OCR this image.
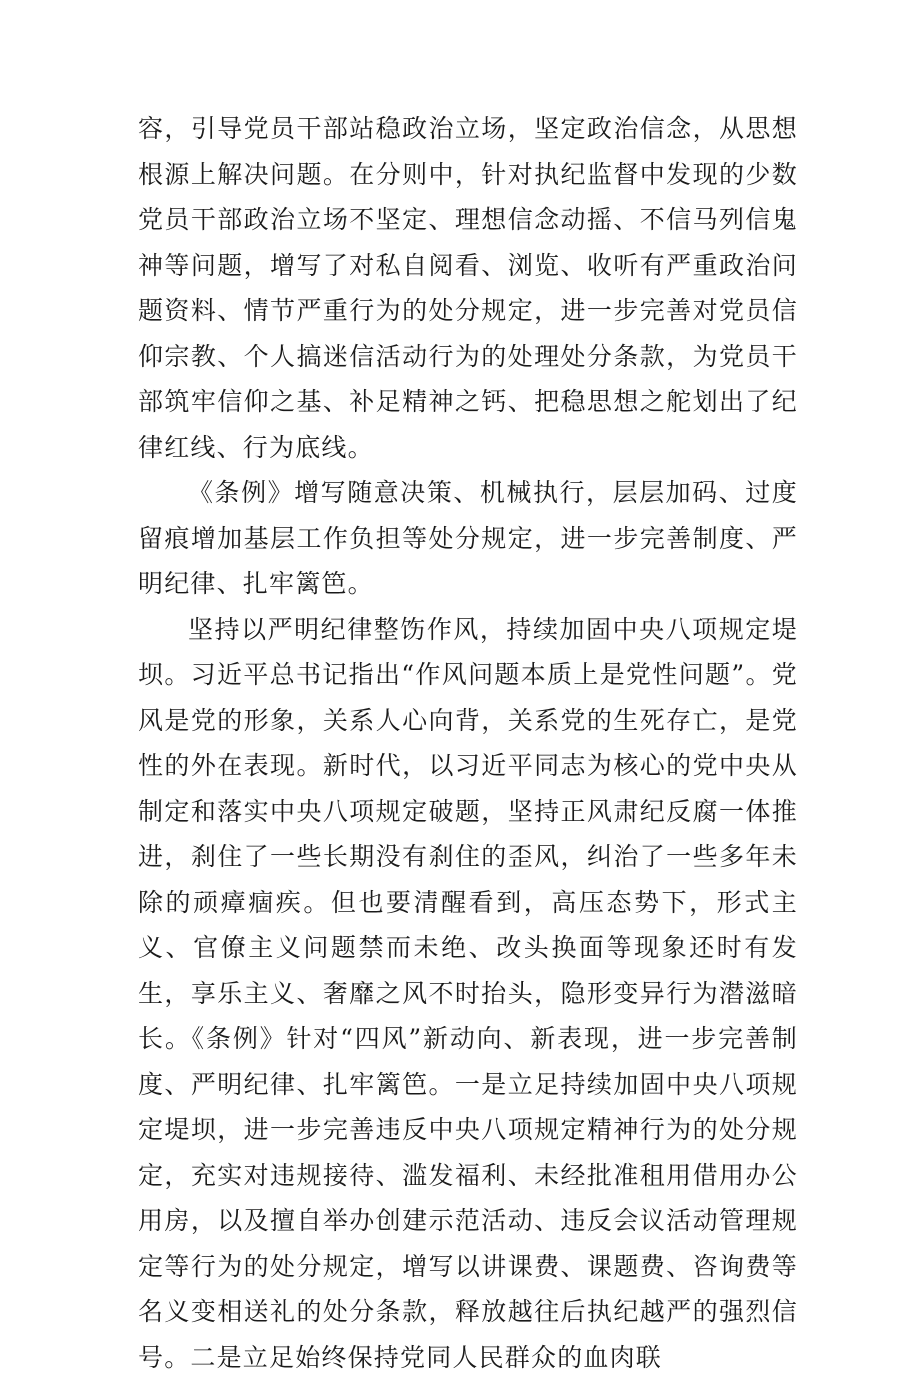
容，引导党员干部站稳政治立场，坚定政治信念，从思想根源上解决问题。在分则中，针对执纪监督中发现的少数党员干部政治立场不坚定、理想信念动摇、不信马列信鬼神等问题，增写了对私自阅看、浏览、收听有严重政治问题资料、情节严重行为的处分规定，进一步完善对党员信仰宗教、个人搞迷信活动行为的处理处分条款，为党员干部筑牢信仰之基、补足精神之钙、把稳思想之舵划出了纪律红线、行为底线。

《条例》增写随意决策、机械执行，层层加码、过度留痕增加基层工作负担等处分规定，进一步完善制度、严明纪律、扎牢篱笆。

坚持以严明纪律整饬作风，持续加固中央八项规定堤坝。习近平总书记指出“作风问题本质上是党性问题”。党风是党的形象，关系人心向背，关系党的生死存亡，是党性的外在表现。新时代，以习近平同志为核心的党中央从制定和落实中央八项规定破题，坚持正风肃纪反腐一体推进，刹住了一些长期没有刹住的歪风，纠治了一些多年未除的顽瘴痼疾。但也要清醒看到，高压态势下，形式主义、官僚主义问题禁而未绝、改头换面等现象还时有发生，享乐主义、奢靡之风不时抬头，隐形变异行为潜滋暗长。《条例》针对“四风”新动向、新表现，进一步完善制度、严明纪律、扎牢篱笆。一是立足持续加固中央八项规定堤坝，进一步完善违反中央八项规定精神行为的处分规定，充实对违规接待、滥发福利、未经批准租用借用办公用房，以及擅自举办创建示范活动、违反会议活动管理规定等行为的处分规定，增写以讲课费、课题费、咨询费等名义变相送礼的处分条款，释放越往后执纪越严的强烈信号。二是立足始终保持党同人民群众的血肉联
